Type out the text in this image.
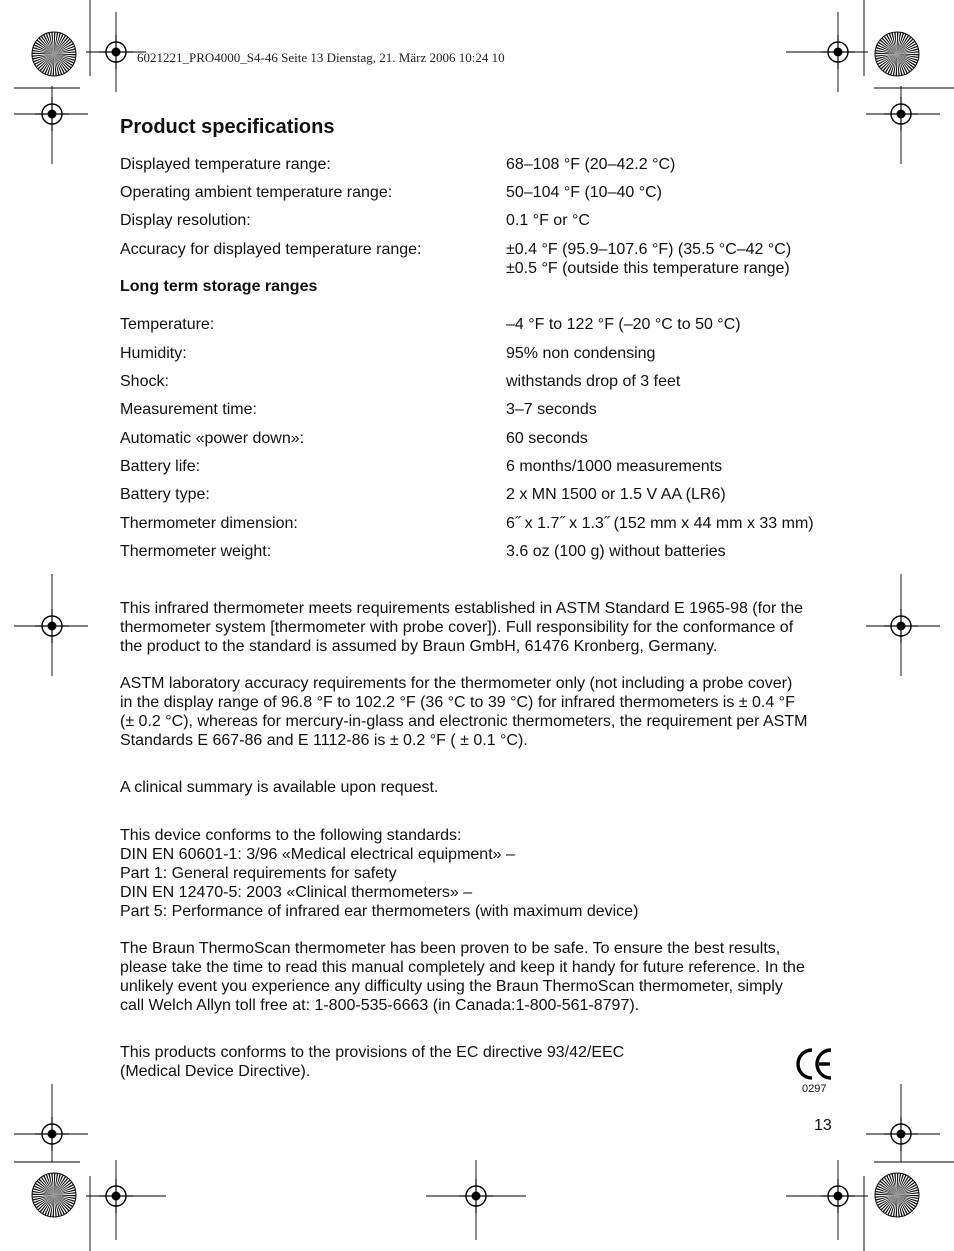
6021221_PRO4000_S4-46 Seite 13 Dienstag, 21. März 2006 10:24 10
Product specifications
Displayed temperature range:	68–108 °F (20–42.2 °C)
Operating ambient temperature range:	50–104 °F (10–40 °C)
Display resolution:	0.1 °F or °C
Accuracy for displayed temperature range:	±0.4 °F (95.9–107.6 °F) (35.5 °C–42 °C)
±0.5 °F (outside this temperature range)
Long term storage ranges
Temperature:	–4 °F to 122 °F (–20 °C to 50 °C)
Humidity:	95% non condensing
Shock:	withstands drop of 3 feet
Measurement time:	3–7 seconds
Automatic «power down»:	60 seconds
Battery life:	6 months/1000 measurements
Battery type:	2 x MN 1500 or 1.5 V AA (LR6)
Thermometer dimension:	6˝ x 1.7˝ x 1.3˝ (152 mm x 44 mm x 33 mm)
Thermometer weight:	3.6 oz (100 g) without batteries
This infrared thermometer meets requirements established in ASTM Standard E 1965-98 (for the
thermometer system [thermometer with probe cover]). Full responsibility for the conformance of
the product to the standard is assumed by Braun GmbH, 61476 Kronberg, Germany.
ASTM laboratory accuracy requirements for the thermometer only (not including a probe cover)
in the display range of 96.8 °F to 102.2 °F (36 °C to 39 °C) for infrared thermometers is ± 0.4 °F
(± 0.2 °C), whereas for mercury-in-glass and electronic thermometers, the requirement per ASTM
Standards E 667-86 and E 1112-86 is ± 0.2 °F ( ± 0.1 °C).
A clinical summary is available upon request.
This device conforms to the following standards:
DIN EN 60601-1: 3/96 «Medical electrical equipment» –
Part 1: General requirements for safety
DIN EN 12470-5: 2003 «Clinical thermometers» –
Part 5: Performance of infrared ear thermometers (with maximum device)
The Braun ThermoScan thermometer has been proven to be safe. To ensure the best results,
please take the time to read this manual completely and keep it handy for future reference. In the
unlikely event you experience any difficulty using the Braun ThermoScan thermometer, simply
call Welch Allyn toll free at: 1-800-535-6663 (in Canada:1-800-561-8797).
This products conforms to the provisions of the EC directive 93/42/EEC
(Medical Device Directive).
0297
13
